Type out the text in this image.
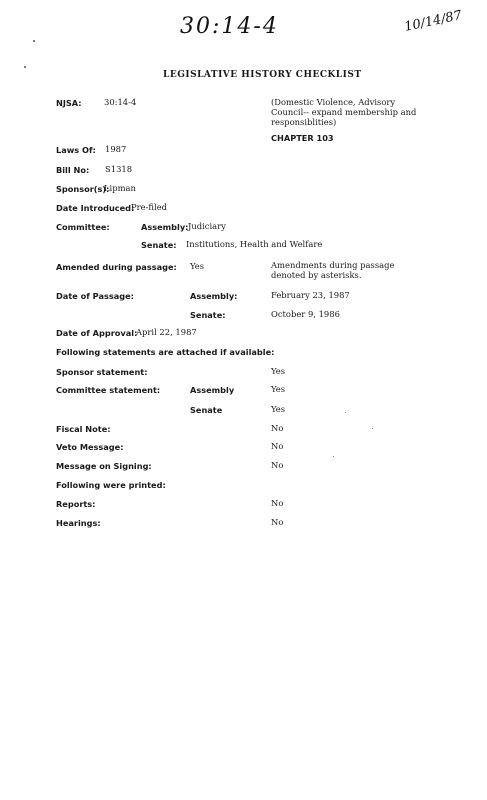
30:14-4	10/14/87
LEGISLATIVE HISTORY CHECKLIST
NJSA:	30:14-4	(Domestic Violence, Advisory Council-- expand membership and responsiblities)
CHAPTER 103
Laws Of: 1987
Bill No: S1318
Sponsor(s):
Lipman
Date Introduced:
Pre-filed
Committee:	Assembly: Judiciary
Senate: Institutions, Health and Welfare
Amended during passage: Yes	Amendments during passage denoted by asterisks.
Date of Passage:	Assembly:	February 23, 1987
Senate:	October 9, 1986
Date of Approval:
April 22, 1987
Following statements are attached if available:
Sponsor statement:	Yes
Committee statement:	Assembly	Yes
Senate	Yes
Fiscal Note:	No
Veto Message:	No
Message on Signing:	No
Following were printed:
Reports:	No
Hearings:	No
